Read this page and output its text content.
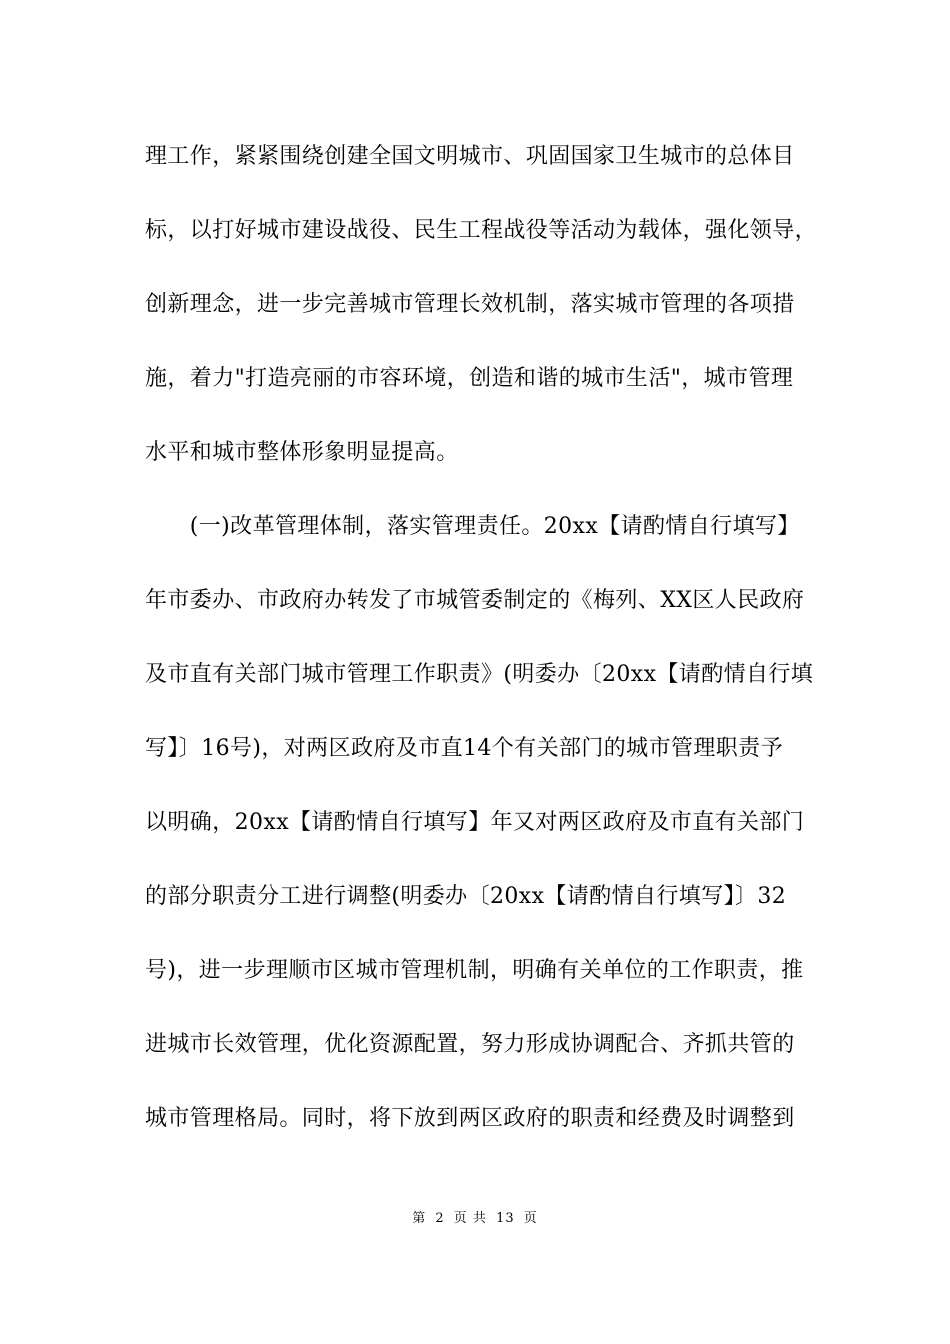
理工作，紧紧围绕创建全国文明城市、巩固国家卫生城市的总体目
标，以打好城市建设战役、民生工程战役等活动为载体，强化领导，
创新理念，进一步完善城市管理长效机制，落实城市管理的各项措
施，着力"打造亮丽的市容环境，创造和谐的城市生活"，城市管理
水平和城市整体形象明显提高。
　　(一)改革管理体制，落实管理责任。20xx【请酌情自行填写】
年市委办、市政府办转发了市城管委制定的《梅列、XX区人民政府
及市直有关部门城市管理工作职责》(明委办〔20xx【请酌情自行填
写】〕16号)，对两区政府及市直14个有关部门的城市管理职责予
以明确，20xx【请酌情自行填写】年又对两区政府及市直有关部门
的部分职责分工进行调整(明委办〔20xx【请酌情自行填写】〕32
号)，进一步理顺市区城市管理机制，明确有关单位的工作职责，推
进城市长效管理，优化资源配置，努力形成协调配合、齐抓共管的
城市管理格局。同时，将下放到两区政府的职责和经费及时调整到
第 2 页 共 13 页
